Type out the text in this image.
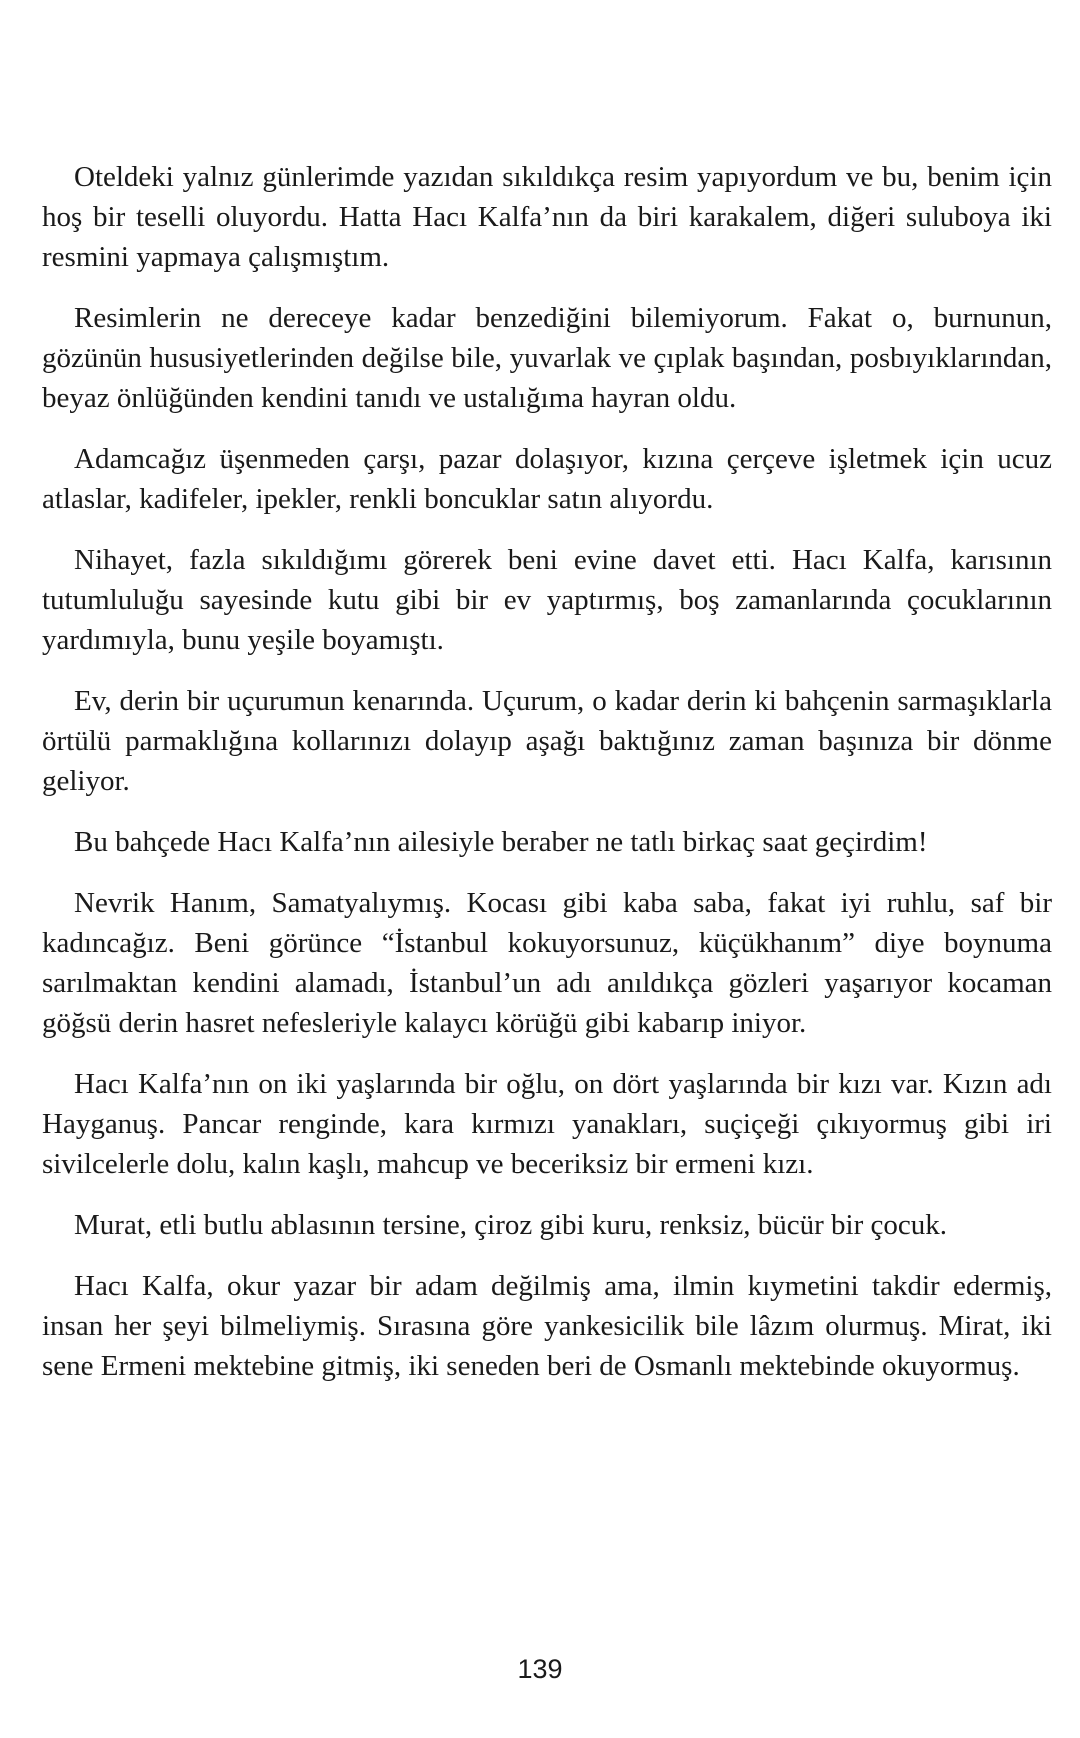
Oteldeki yalnız günlerimde yazıdan sıkıldıkça resim yapıyordum ve bu, benim için hoş bir teselli oluyordu. Hatta Hacı Kalfa’nın da biri karakalem, diğeri suluboya iki resmini yapmaya çalışmıştım.

Resimlerin ne dereceye kadar benzediğini bilemiyorum. Fakat o, burnunun, gözünün hususiyetlerinden değilse bile, yuvarlak ve çıplak başından, posbıyıklarından, beyaz önlüğünden kendini tanıdı ve ustalığıma hayran oldu.

Adamcağız üşenmeden çarşı, pazar dolaşıyor, kızına çerçeve işletmek için ucuz atlaslar, kadifeler, ipekler, renkli boncuklar satın alıyordu.

Nihayet, fazla sıkıldığımı görerek beni evine davet etti. Hacı Kalfa, karısının tutumluluğu sayesinde kutu gibi bir ev yaptırmış, boş zamanlarında çocuklarının yardımıyla, bunu yeşile boyamıştı.

Ev, derin bir uçurumun kenarında. Uçurum, o kadar derin ki bahçenin sarmaşıklarla örtülü parmaklığına kollarınızı dolayıp aşağı baktığınız zaman başınıza bir dönme geliyor.

Bu bahçede Hacı Kalfa’nın ailesiyle beraber ne tatlı birkaç saat geçirdim!

Nevrik Hanım, Samatyalıymış. Kocası gibi kaba saba, fakat iyi ruhlu, saf bir kadıncağız. Beni görünce “İstanbul kokuyorsunuz, küçükhanım” diye boynuma sarılmaktan kendini alamadı, İstanbul’un adı anıldıkça gözleri yaşarıyor kocaman göğsü derin hasret nefesleriyle kalaycı körüğü gibi kabarıp iniyor.

Hacı Kalfa’nın on iki yaşlarında bir oğlu, on dört yaşlarında bir kızı var. Kızın adı Hayganuş. Pancar renginde, kara kırmızı yanakları, suçiçeği çıkıyormuş gibi iri sivilcelerle dolu, kalın kaşlı, mahcup ve beceriksiz bir ermeni kızı.

Murat, etli butlu ablasının tersine, çiroz gibi kuru, renksiz, bücür bir çocuk.

Hacı Kalfa, okur yazar bir adam değilmiş ama, ilmin kıymetini takdir edermiş, insan her şeyi bilmeliymiş. Sırasına göre yankesicilik bile lâzım olurmuş. Mirat, iki sene Ermeni mektebine gitmiş, iki seneden beri de Osmanlı mektebinde okuyormuş.

139
